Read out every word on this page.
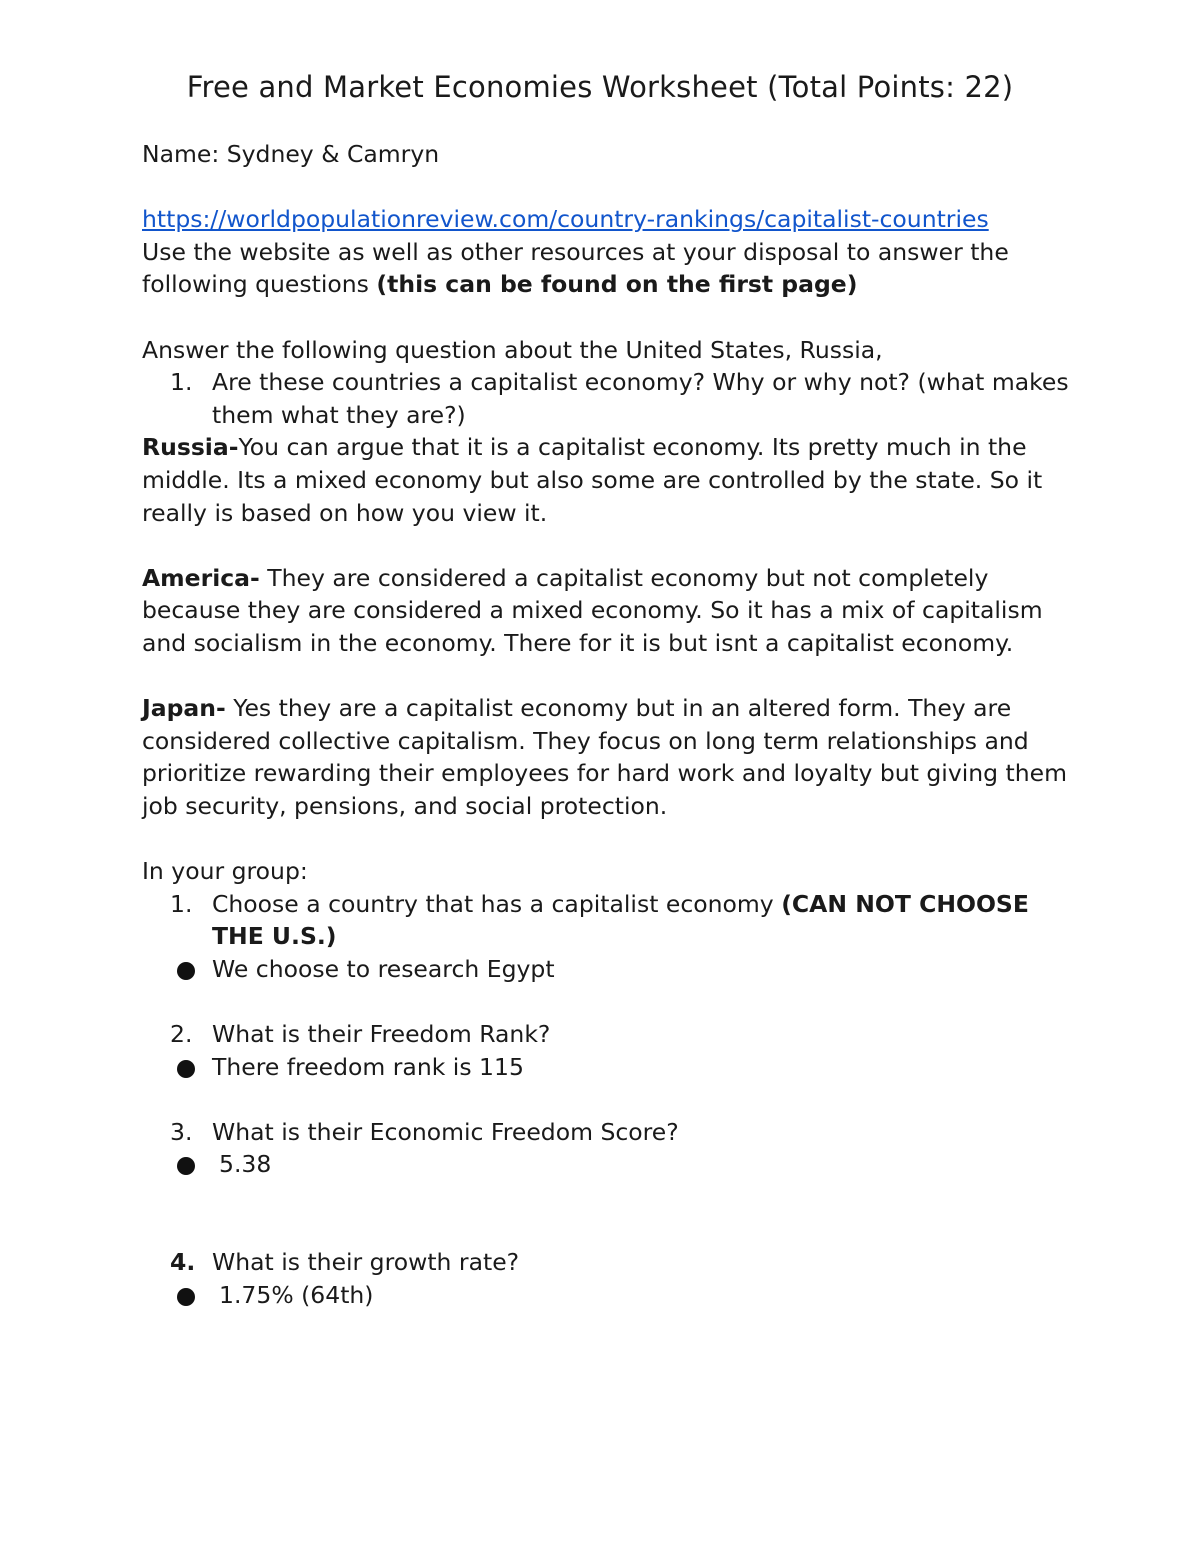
Free and Market Economies Worksheet (Total Points: 22)

Name: Sydney & Camryn

https://worldpopulationreview.com/country-rankings/capitalist-countries

Use the website as well as other resources at your disposal to answer the following questions (this can be found on the first page)

Answer the following question about the United States, Russia,

1. Are these countries a capitalist economy? Why or why not? (what makes them what they are?)

Russia-You can argue that it is a capitalist economy. Its pretty much in the middle. Its a mixed economy but also some are controlled by the state. So it really is based on how you view it.

America- They are considered a capitalist economy but not completely because they are considered a mixed economy. So it has a mix of capitalism and socialism in the economy. There for it is but isnt a capitalist economy.

Japan- Yes they are a capitalist economy but in an altered form. They are considered collective capitalism. They focus on long term relationships and prioritize rewarding their employees for hard work and loyalty but giving them job security, pensions, and social protection.

In your group:

1. Choose a country that has a capitalist economy (CAN NOT CHOOSE THE U.S.)
We choose to research Egypt
2. What is their Freedom Rank?
There freedom rank is 115
3. What is their Economic Freedom Score?
5.38
4. What is their growth rate?
1.75% (64th)
